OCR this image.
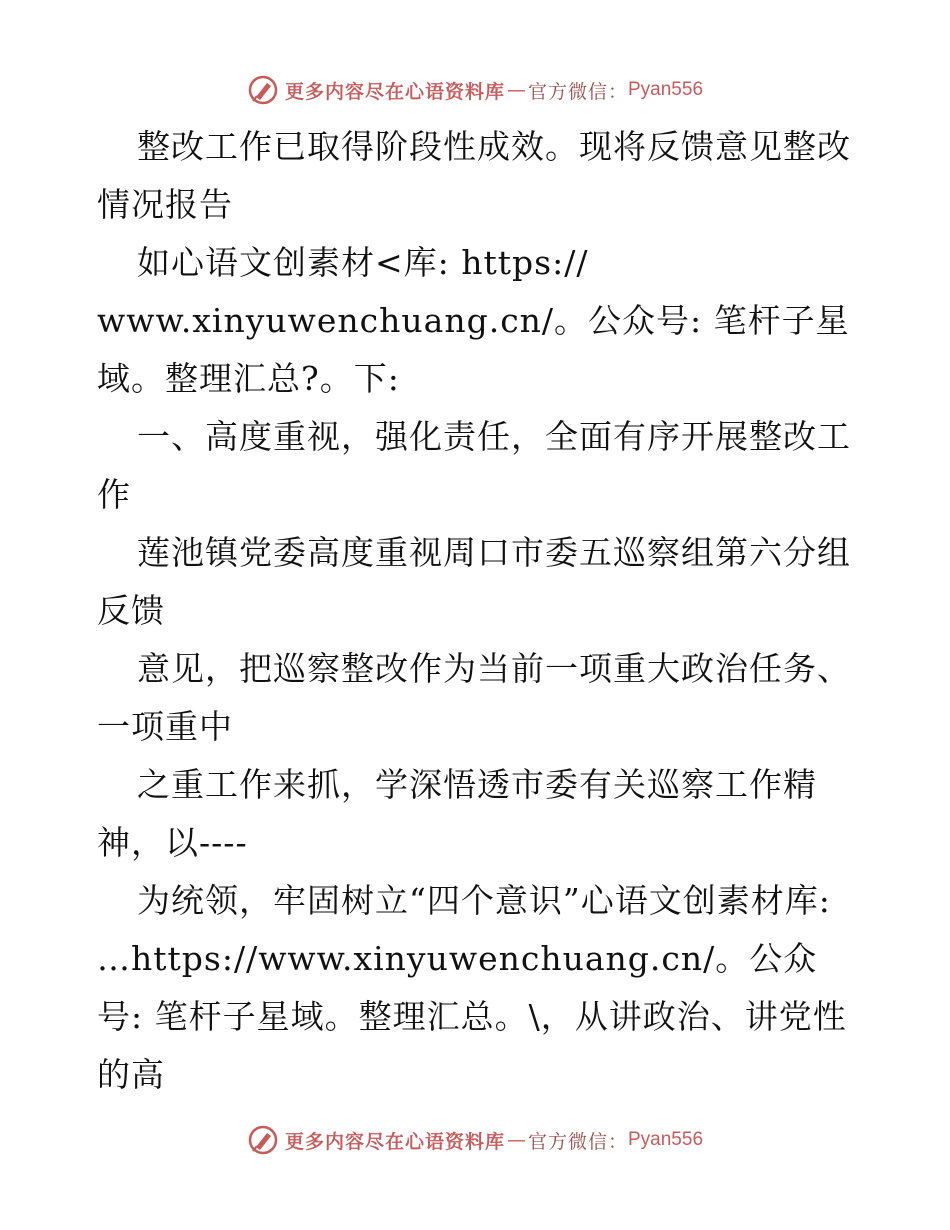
更多内容尽在心语资料库 — 官方微信： Pyan556

整改工作已取得阶段性成效。现将反馈意见整改情况报告

如心语文创素材<库: https://

www.xinyuwenchuang.cn/。公众号: 笔杆子星域。整理汇总?。下:

一、高度重视，强化责任，全面有序开展整改工作

莲池镇党委高度重视周口市委五巡察组第六分组反馈

意见，把巡察整改作为当前一项重大政治任务、一项重中

之重工作来抓，学深悟透市委有关巡察工作精神，以----

为统领，牢固树立“四个意识”心语文创素材库: …https://www.xinyuwenchuang.cn/。公众号: 笔杆子星域。整理汇总。\，从讲政治、讲党性的高

更多内容尽在心语资料库 — 官方微信： Pyan556
